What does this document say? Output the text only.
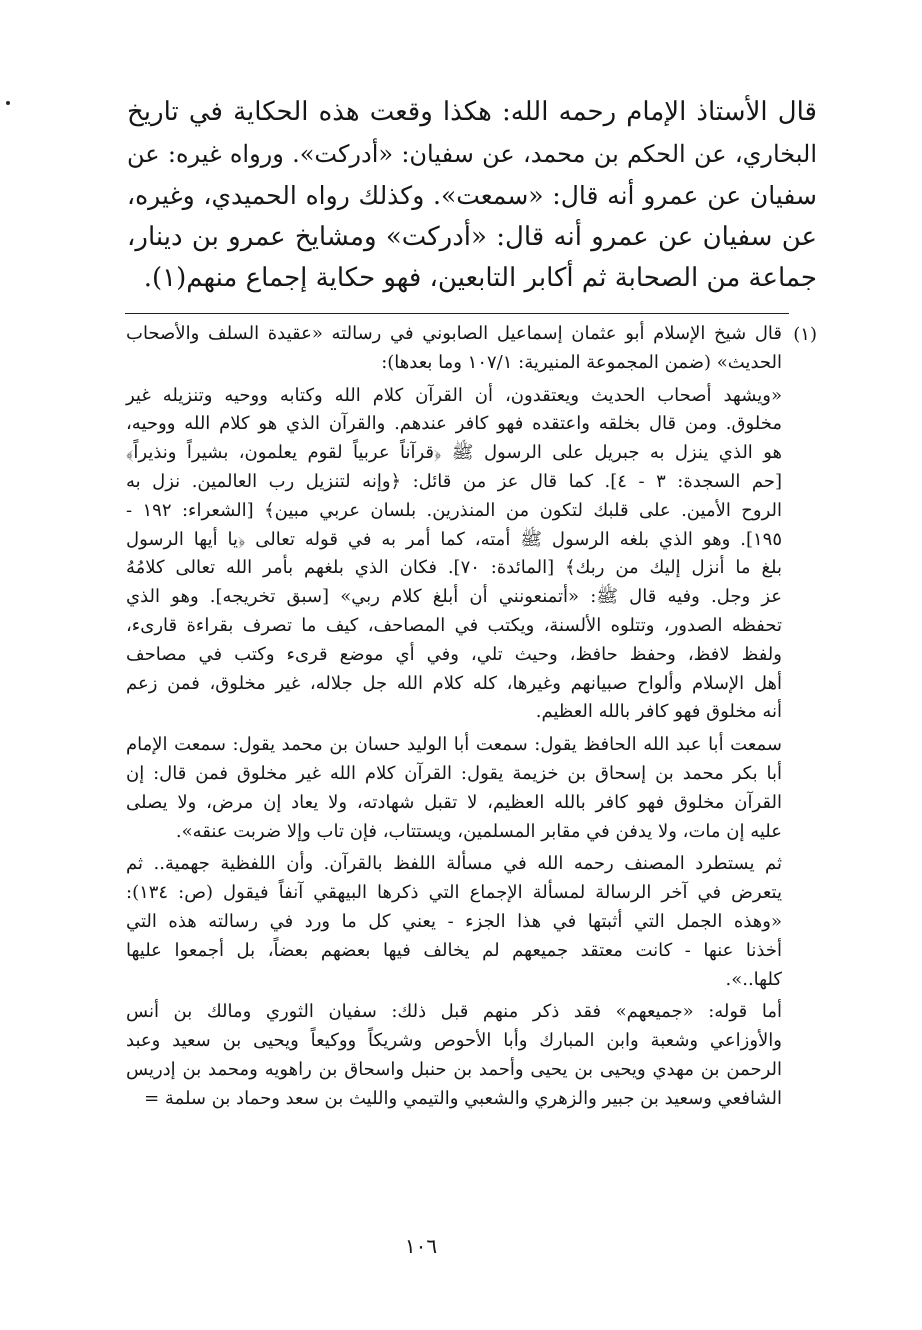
قال الأستاذ الإمام رحمه الله: هكذا وقعت هذه الحكاية في تاريخ
البخاري، عن الحكم بن محمد، عن سفيان: «أدركت». ورواه غيره: عن
سفيان عن عمرو أنه قال: «سمعت». وكذلك رواه الحميدي، وغيره،
عن سفيان عن عمرو أنه قال: «أدركت» ومشايخ عمرو بن دينار،
جماعة من الصحابة ثم أكابر التابعين، فهو حكاية إجماع منهم(١).
(١)
قال شيخ الإسلام أبو عثمان إسماعيل الصابوني في رسالته «عقيدة السلف والأصحاب
الحديث» (ضمن المجموعة المنيرية: ١٠٧/١ وما بعدها):
«ويشهد أصحاب الحديث ويعتقدون، أن القرآن كلام الله وكتابه ووحيه وتنزيله غير
مخلوق. ومن قال بخلقه واعتقده فهو كافر عندهم. والقرآن الذي هو كلام الله ووحيه،
هو الذي ينزل به جبريل على الرسول ﷺ ﴿قرآناً عربياً لقوم يعلمون، بشيراً ونذيراً﴾
[حم السجدة: ٣ - ٤]. كما قال عز من قائل: ﴿وإنه لتنزيل رب العالمين. نزل به
الروح الأمين. على قلبك لتكون من المنذرين. بلسان عربي مبين﴾ [الشعراء: ١٩٢ -
١٩٥]. وهو الذي بلغه الرسول ﷺ أمته، كما أمر به في قوله تعالى ﴿يا أيها الرسول
بلغ ما أنزل إليك من ربك﴾ [المائدة: ٧٠]. فكان الذي بلغهم بأمر الله تعالى كلامُهُ
عز وجل. وفيه قال ﷺ: «أتمنعونني أن أبلغ كلام ربي» [سبق تخريجه]. وهو الذي
تحفظه الصدور، وتتلوه الألسنة، ويكتب في المصاحف، كيف ما تصرف بقراءة قارىء،
ولفظ لافظ، وحفظ حافظ، وحيث تلي، وفي أي موضع قرىء وكتب في مصاحف
أهل الإسلام وألواح صبيانهم وغيرها، كله كلام الله جل جلاله، غير مخلوق، فمن زعم
أنه مخلوق فهو كافر بالله العظيم.
سمعت أبا عبد الله الحافظ يقول: سمعت أبا الوليد حسان بن محمد يقول: سمعت الإمام
أبا بكر محمد بن إسحاق بن خزيمة يقول: القرآن كلام الله غير مخلوق فمن قال: إن
القرآن مخلوق فهو كافر بالله العظيم، لا تقبل شهادته، ولا يعاد إن مرض، ولا يصلى
عليه إن مات، ولا يدفن في مقابر المسلمين، ويستتاب، فإن تاب وإلا ضربت عنقه».
ثم يستطرد المصنف رحمه الله في مسألة اللفظ بالقرآن. وأن اللفظية جهمية.. ثم
يتعرض في آخر الرسالة لمسألة الإجماع التي ذكرها البيهقي آنفاً فيقول (ص: ١٣٤):
«وهذه الجمل التي أثبتها في هذا الجزء - يعني كل ما ورد في رسالته هذه التي
أخذنا عنها - كانت معتقد جميعهم لم يخالف فيها بعضهم بعضاً، بل أجمعوا عليها
كلها..».
أما قوله: «جميعهم» فقد ذكر منهم قبل ذلك: سفيان الثوري ومالك بن أنس
والأوزاعي وشعبة وابن المبارك وأبا الأحوص وشريكاً ووكيعاً ويحيى بن سعيد وعبد
الرحمن بن مهدي ويحيى بن يحيى وأحمد بن حنبل واسحاق بن راهويه ومحمد بن إدريس
الشافعي وسعيد بن جبير والزهري والشعبي والتيمي والليث بن سعد وحماد بن سلمة =
١٠٦
